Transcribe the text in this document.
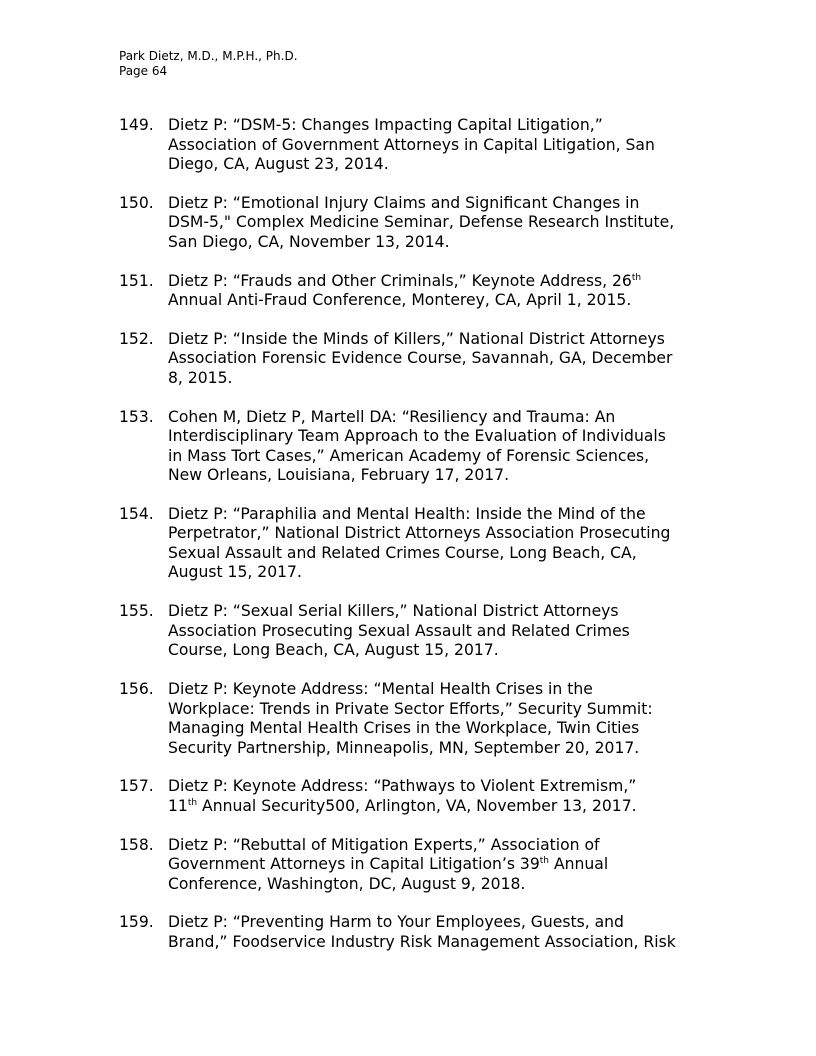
Park Dietz, M.D., M.P.H., Ph.D.
Page 64
149. Dietz P: “DSM-5: Changes Impacting Capital Litigation,”
Association of Government Attorneys in Capital Litigation, San
Diego, CA, August 23, 2014.
150. Dietz P: “Emotional Injury Claims and Significant Changes in
DSM-5," Complex Medicine Seminar, Defense Research Institute,
San Diego, CA, November 13, 2014.
151. Dietz P: “Frauds and Other Criminals,” Keynote Address, 26th
Annual Anti-Fraud Conference, Monterey, CA, April 1, 2015.
152. Dietz P: “Inside the Minds of Killers,” National District Attorneys
Association Forensic Evidence Course, Savannah, GA, December
8, 2015.
153. Cohen M, Dietz P, Martell DA: “Resiliency and Trauma: An
Interdisciplinary Team Approach to the Evaluation of Individuals
in Mass Tort Cases,” American Academy of Forensic Sciences,
New Orleans, Louisiana, February 17, 2017.
154. Dietz P: “Paraphilia and Mental Health: Inside the Mind of the
Perpetrator,” National District Attorneys Association Prosecuting
Sexual Assault and Related Crimes Course, Long Beach, CA,
August 15, 2017.
155. Dietz P: “Sexual Serial Killers,” National District Attorneys
Association Prosecuting Sexual Assault and Related Crimes
Course, Long Beach, CA, August 15, 2017.
156. Dietz P: Keynote Address: “Mental Health Crises in the
Workplace: Trends in Private Sector Efforts,” Security Summit:
Managing Mental Health Crises in the Workplace, Twin Cities
Security Partnership, Minneapolis, MN, September 20, 2017.
157. Dietz P: Keynote Address: “Pathways to Violent Extremism,”
11th Annual Security500, Arlington, VA, November 13, 2017.
158. Dietz P: “Rebuttal of Mitigation Experts,” Association of
Government Attorneys in Capital Litigation’s 39th Annual
Conference, Washington, DC, August 9, 2018.
159. Dietz P: “Preventing Harm to Your Employees, Guests, and
Brand,” Foodservice Industry Risk Management Association, Risk
